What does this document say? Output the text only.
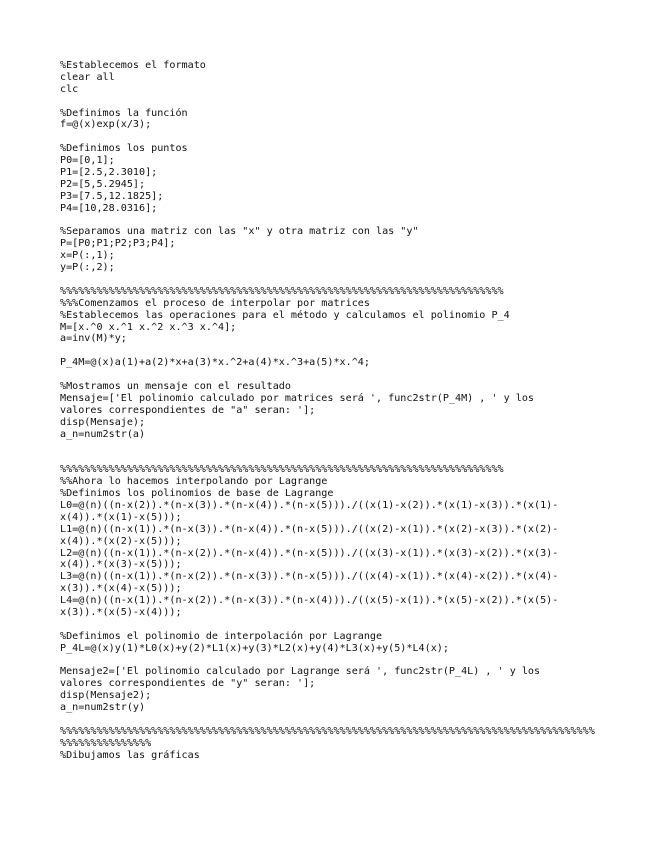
%Establecemos el formato
clear all
clc
%Definimos la función
f=@(x)exp(x/3);
%Definimos los puntos
P0=[0,1];
P1=[2.5,2.3010];
P2=[5,5.2945];
P3=[7.5,12.1825];
P4=[10,28.0316];
%Separamos una matriz con las "x" y otra matriz con las "y"
P=[P0;P1;P2;P3;P4];
x=P(:,1);
y=P(:,2);
%%%%%%%%%%%%%%%%%%%%%%%%%%%%%%%%%%%%%%%%%%%%%%%%%%%%%%%%%%%%%%%%%%%%%%%%%
%%%Comenzamos el proceso de interpolar por matrices
%Establecemos las operaciones para el método y calculamos el polinomio P_4
M=[x.^0 x.^1 x.^2 x.^3 x.^4];
a=inv(M)*y;
P_4M=@(x)a(1)+a(2)*x+a(3)*x.^2+a(4)*x.^3+a(5)*x.^4;
%Mostramos un mensaje con el resultado
Mensaje=['El polinomio calculado por matrices será ', func2str(P_4M) , ' y los
valores correspondientes de "a" seran: '];
disp(Mensaje);
a_n=num2str(a)
%%%%%%%%%%%%%%%%%%%%%%%%%%%%%%%%%%%%%%%%%%%%%%%%%%%%%%%%%%%%%%%%%%%%%%%%%
%%Ahora lo hacemos interpolando por Lagrange
%Definimos los polinomios de base de Lagrange
L0=@(n)((n-x(2)).*(n-x(3)).*(n-x(4)).*(n-x(5)))./((x(1)-x(2)).*(x(1)-x(3)).*(x(1)-
x(4)).*(x(1)-x(5)));
L1=@(n)((n-x(1)).*(n-x(3)).*(n-x(4)).*(n-x(5)))./((x(2)-x(1)).*(x(2)-x(3)).*(x(2)-
x(4)).*(x(2)-x(5)));
L2=@(n)((n-x(1)).*(n-x(2)).*(n-x(4)).*(n-x(5)))./((x(3)-x(1)).*(x(3)-x(2)).*(x(3)-
x(4)).*(x(3)-x(5)));
L3=@(n)((n-x(1)).*(n-x(2)).*(n-x(3)).*(n-x(5)))./((x(4)-x(1)).*(x(4)-x(2)).*(x(4)-
x(3)).*(x(4)-x(5)));
L4=@(n)((n-x(1)).*(n-x(2)).*(n-x(3)).*(n-x(4)))./((x(5)-x(1)).*(x(5)-x(2)).*(x(5)-
x(3)).*(x(5)-x(4)));
%Definimos el polinomio de interpolación por Lagrange
P_4L=@(x)y(1)*L0(x)+y(2)*L1(x)+y(3)*L2(x)+y(4)*L3(x)+y(5)*L4(x);
Mensaje2=['El polinomio calculado por Lagrange será ', func2str(P_4L) , ' y los
valores correspondientes de "y" seran: '];
disp(Mensaje2);
a_n=num2str(y)
%%%%%%%%%%%%%%%%%%%%%%%%%%%%%%%%%%%%%%%%%%%%%%%%%%%%%%%%%%%%%%%%%%%%%%%%%%%%%%%%%%%%%%%%
%%%%%%%%%%%%%%%
%Dibujamos las gráficas
